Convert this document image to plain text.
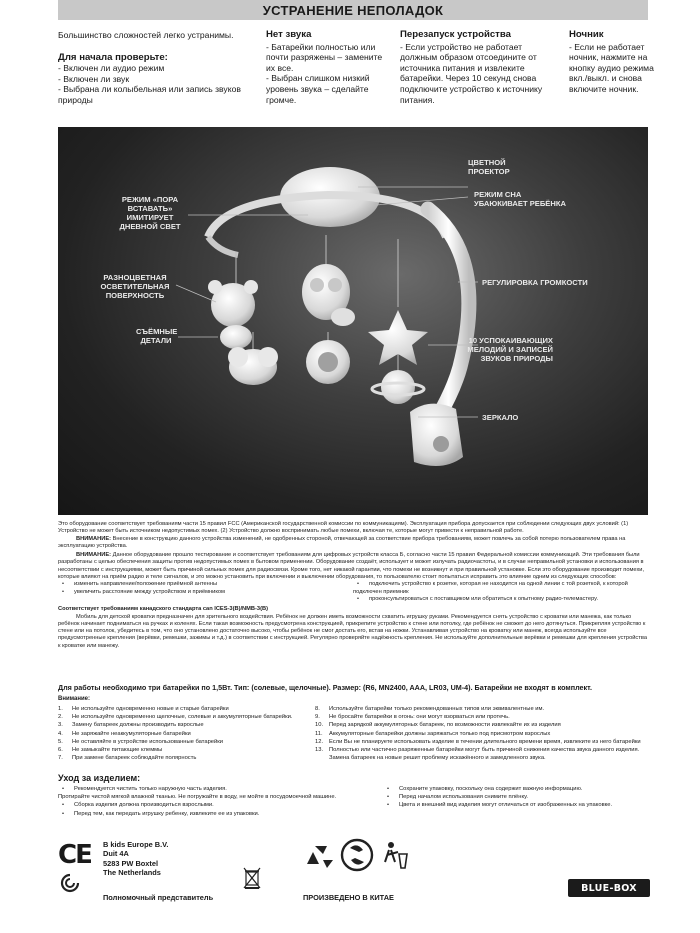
УСТРАНЕНИЕ НЕПОЛАДОК

Большинство сложностей легко устранимы.

Для начала проверьте:

- Включен ли аудио режим

- Включен ли звук

- Выбрана ли колыбельная или запись звуков природы

Нет звука

- Батарейки полностью или почти разряжены – замените их все.

- Выбран слишком низкий уровень звука – сделайте громче.

Перезапуск устройства

- Если устройство не работает должным образом отсоедините от источника питания и извлеките батарейки. Через 10 секунд снова подключите устройство к источнику питания.

Ночник

- Если не работает ночник, нажмите на кнопку аудио режима вкл./выкл. и снова включите ночник.

ЦВЕТНОЙ ПРОЕКТОР
РЕЖИМ СНА УБАЮКИВАЕТ РЕБЁНКА
РЕЖИМ «ПОРА ВСТАВАТЬ» ИМИТИРУЕТ ДНЕВНОЙ СВЕТ
РЕГУЛИРОВКА ГРОМКОСТИ
РАЗНОЦВЕТНАЯ ОСВЕТИТЕЛЬНАЯ ПОВЕРХНОСТЬ
СЪЁМНЫЕ ДЕТАЛИ	10 УСПОКАИВАЮЩИХ МЕЛОДИЙ И ЗАПИСЕЙ ЗВУКОВ ПРИРОДЫ
ЗЕРКАЛО

Это оборудование соответствует требованиям части 15 правил FCC (Американской государственной комиссии по коммуникациям). Эксплуатация прибора допускается при соблюдении следующих двух условий: (1) Устройство не может быть источником недопустимых помех. (2) Устройство должно воспринимать любые помехи, включая те, которые могут привести к неправильной работе.

ВНИМАНИЕ: Внесение в конструкцию данного устройства изменений, не одобренных стороной, отвечающей за соответствие прибора требованиям, может повлечь за собой потерю пользователем права на эксплуатацию устройства.

ВНИМАНИЕ: Данное оборудование прошло тестирование и соответствует требованиям для цифровых устройств класса Б, согласно части 15 правил Федеральной комиссии коммуникаций. Эти требования были разработаны с целью обеспечения защиты против недопустимых помех в бытовом применении. Оборудование создаёт, использует и может излучать радиочастоты, и в случае неправильной установки и использования в несоответствии с инструкциями, может быть причиной сильных помех для радиосвязи. Кроме того, нет никакой гарантии, что помехи не возникнут и при правильной установке. Если это оборудование производит помехи, которые влияют на приём радио и теле сигналов, и это можно установить при включении и выключении оборудования, то пользователю стоит попытаться исправить это влияние одним из следующих способов:

• изменить направление/положение приёмной антенны

• увеличить расстояние между устройством и приёмником

• подключить устройство к розетке, которая не находится на одной линии с той розеткой, к которой подключен приемник

• проконсультироваться с поставщиком или обратиться к опытному радио-телемастеру.

Соответствует требованиям канадского стандарта can ICES-3(B)/NMB-3(B)

Мобиль для детской кроватки предназначен для зрительного воздействия. Ребёнок не должен иметь возможности схватить игрушку руками. Рекомендуется снять устройство с кроватки или манежа, как только ребёнок начинает подниматься на ручках и коленях. Если такая возможность предусмотрена конструкцией, прикрепите устройство к стене или потолку, где ребёнок не сможет до него дотянуться. Прикрепляя устройство к стене или на потолок, убедитесь в том, что оно установлено достаточно высоко, чтобы ребёнок не смог достать его, встав на ножки. Устанавливая устройство на кроватку или манеж, всегда используйте все предусмотренные крепления (верёвки, ремешки, зажимы и т.д.) в соответствии с инструкцией. Регулярно проверяйте надёжность крепления. Не используйте дополнительные верёвки и ремешки для крепления устройства к кроватке или манежу.

Для работы необходимо три батарейки по 1,5Вт. Тип: (солевые, щелочные). Размер: (R6, MN2400, AAA, LR03, UM-4). Батарейки не входят в комплект.
Внимание:
1.	Не используйте одновременно новые и старые батарейки
2.	Не используйте одновременно щелочные, солевые и аккумуляторные батарейки.
3.	Замену батареек должны производить взрослые
4.	Не заряжайте неаккумуляторные батарейки
5.	Не оставляйте в устройстве использованные батарейки
6.	Не замыкайте питающие клеммы
7.	При замене батареек соблюдайте полярность
8.	Используйте батарейки только рекомендованных типов или эквивалентные им.
9.	Не бросайте батарейки в огонь: они могут взорваться или протечь.
10.	Перед зарядкой аккумуляторных батареек, по возможности извлекайте их из изделия
11.	Аккумуляторные батарейки должны заряжаться только под присмотром взрослых
12.	Если Вы не планируете использовать изделие в течении длительного времени время, извлеките из него батарейки
13.	Полностью или частично разряженные батарейки могут быть причиной снижения качества звука данного изделия. Замена батареек на новые решит проблему искажённого и замедленного звука.
Уход за изделием:

• Рекомендуется чистить только наружную часть изделия.

Протирайте чистой мягкой влажной тканью. Не погружайте в воду, не мойте в посудомоечной машине.

• Сборка изделия должна производиться взрослыми.

• Перед тем, как передать игрушку ребенку, извлеките ее из упаковки.

• Сохраните упаковку, поскольку она содержит важную информацию.

• Перед началом использования снимите плёнку.

• Цвета и внешний вид изделия могут отличаться от изображенных на упаковке.

CE B kids Europe B.V.
Duit 4A
5283 PW Boxtel
The Netherlands
Полномочный представитель	ПРОИЗВЕДЕНО В КИТАЕ
BLUE-BOX
